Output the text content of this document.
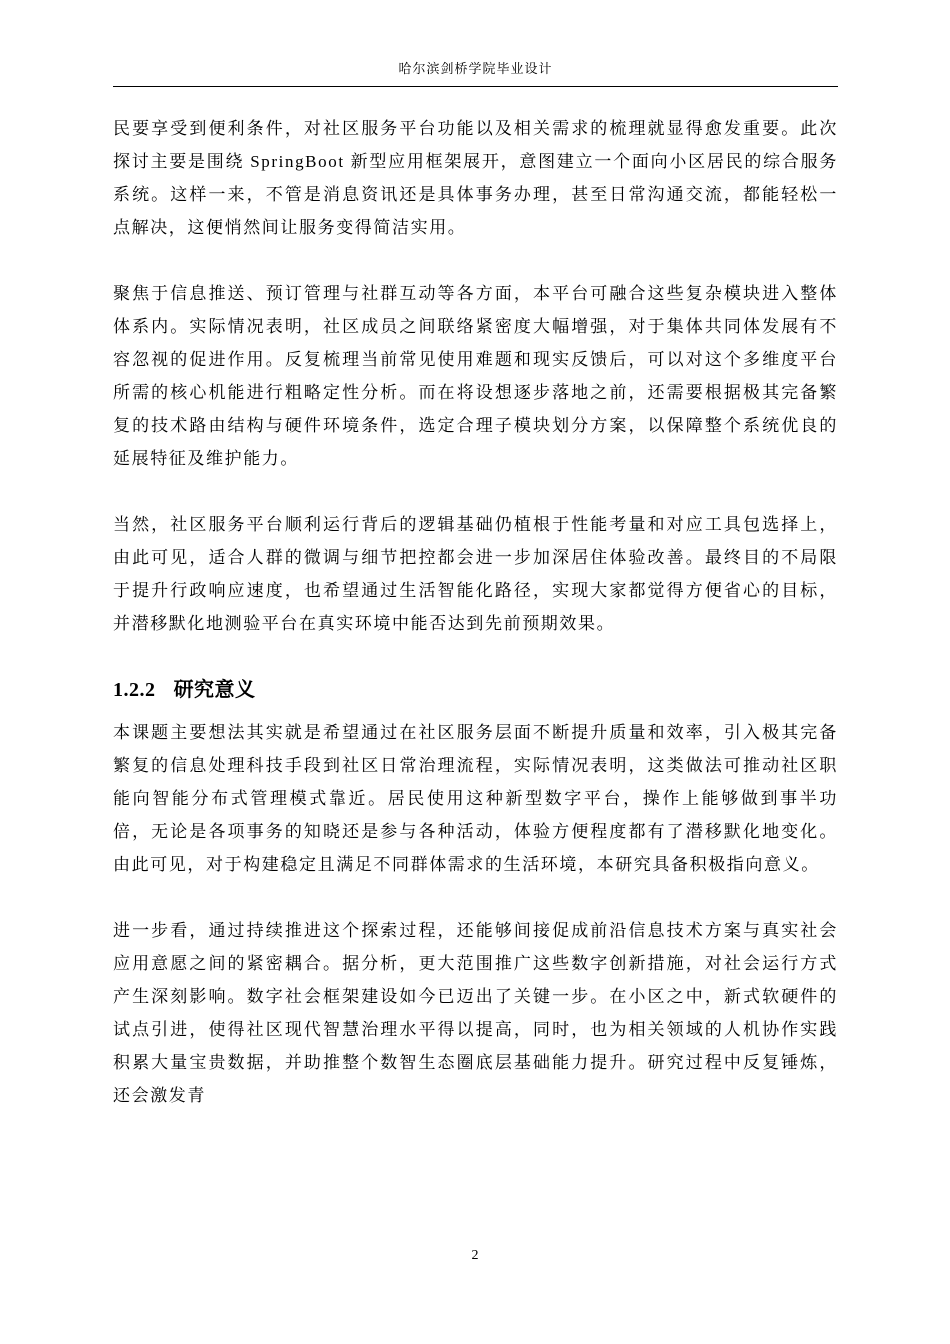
哈尔滨剑桥学院毕业设计

民要享受到便利条件，对社区服务平台功能以及相关需求的梳理就显得愈发重要。此次探讨主要是围绕 SpringBoot 新型应用框架展开，意图建立一个面向小区居民的综合服务系统。这样一来，不管是消息资讯还是具体事务办理，甚至日常沟通交流，都能轻松一点解决，这便悄然间让服务变得简洁实用。

聚焦于信息推送、预订管理与社群互动等各方面，本平台可融合这些复杂模块进入整体体系内。实际情况表明，社区成员之间联络紧密度大幅增强，对于集体共同体发展有不容忽视的促进作用。反复梳理当前常见使用难题和现实反馈后，可以对这个多维度平台所需的核心机能进行粗略定性分析。而在将设想逐步落地之前，还需要根据极其完备繁复的技术路由结构与硬件环境条件，选定合理子模块划分方案，以保障整个系统优良的延展特征及维护能力。

当然，社区服务平台顺利运行背后的逻辑基础仍植根于性能考量和对应工具包选择上，由此可见，适合人群的微调与细节把控都会进一步加深居住体验改善。最终目的不局限于提升行政响应速度，也希望通过生活智能化路径，实现大家都觉得方便省心的目标，并潜移默化地测验平台在真实环境中能否达到先前预期效果。

1.2.2 研究意义

本课题主要想法其实就是希望通过在社区服务层面不断提升质量和效率，引入极其完备繁复的信息处理科技手段到社区日常治理流程，实际情况表明，这类做法可推动社区职能向智能分布式管理模式靠近。居民使用这种新型数字平台，操作上能够做到事半功倍，无论是各项事务的知晓还是参与各种活动，体验方便程度都有了潜移默化地变化。由此可见，对于构建稳定且满足不同群体需求的生活环境，本研究具备积极指向意义。

进一步看，通过持续推进这个探索过程，还能够间接促成前沿信息技术方案与真实社会应用意愿之间的紧密耦合。据分析，更大范围推广这些数字创新措施，对社会运行方式产生深刻影响。数字社会框架建设如今已迈出了关键一步。在小区之中，新式软硬件的试点引进，使得社区现代智慧治理水平得以提高，同时，也为相关领域的人机协作实践积累大量宝贵数据，并助推整个数智生态圈底层基础能力提升。研究过程中反复锤炼，还会激发青

2
